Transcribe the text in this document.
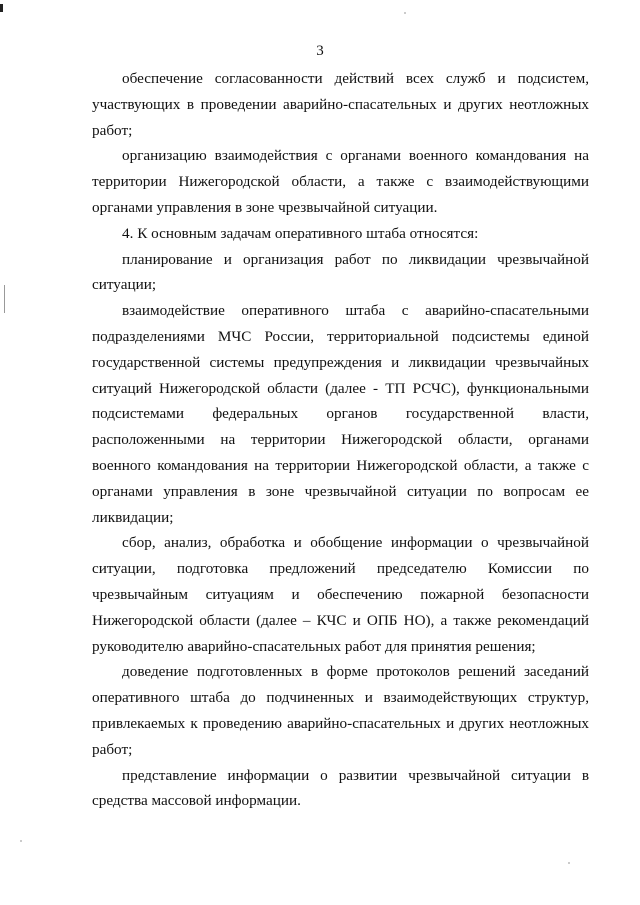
3

обеспечение согласованности действий всех служб и подсистем, участвующих в проведении аварийно-спасательных и других неотложных работ;

организацию взаимодействия с органами военного командования на территории Нижегородской области, а также с взаимодействующими органами управления в зоне чрезвычайной ситуации.

4. К основным задачам оперативного штаба относятся:

планирование и организация работ по ликвидации чрезвычайной ситуации;

взаимодействие оперативного штаба с аварийно-спасательными подразделениями МЧС России, территориальной подсистемы единой государственной системы предупреждения и ликвидации чрезвычайных ситуаций Нижегородской области (далее - ТП РСЧС), функциональными подсистемами федеральных органов государственной власти, расположенными на территории Нижегородской области, органами военного командования на территории Нижегородской области, а также с органами управления в зоне чрезвычайной ситуации по вопросам ее ликвидации;

сбор, анализ, обработка и обобщение информации о чрезвычайной ситуации, подготовка предложений председателю Комиссии по чрезвычайным ситуациям и обеспечению пожарной безопасности Нижегородской области (далее – КЧС и ОПБ НО), а также рекомендаций руководителю аварийно-спасательных работ для принятия решения;

доведение подготовленных в форме протоколов решений заседаний оперативного штаба до подчиненных и взаимодействующих структур, привлекаемых к проведению аварийно-спасательных и других неотложных работ;

представление информации о развитии чрезвычайной ситуации в средства массовой информации.
